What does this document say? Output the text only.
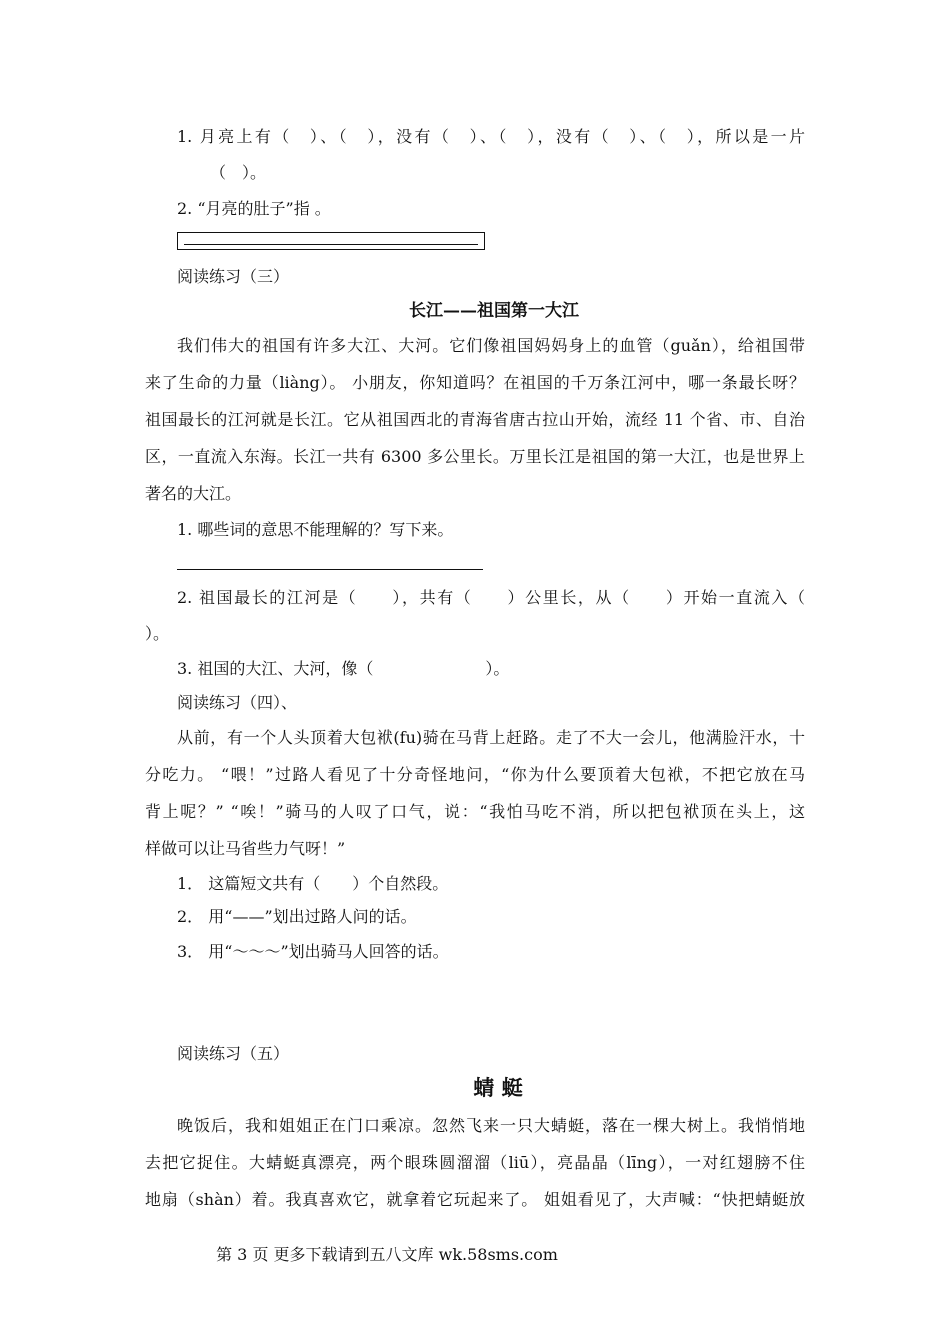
1. 月亮上有（　）、（　），没有（　）、（　），没有（　）、（　），所以是一片
（　）。
2. “月亮的肚子”指 。
阅读练习（三）
长江——祖国第一大江
我们伟大的祖国有许多大江、大河。它们像祖国妈妈身上的血管（guǎn），给祖国带
来了生命的力量（liàng）。 小朋友，你知道吗？在祖国的千万条江河中，哪一条最长呀？
祖国最长的江河就是长江。它从祖国西北的青海省唐古拉山开始，流经 11 个省、市、自治
区，一直流入东海。长江一共有 6300 多公里长。万里长江是祖国的第一大江，也是世界上
著名的大江。
1. 哪些词的意思不能理解的？写下来。
2. 祖国最长的江河是（　　），共有（　　）公里长，从（　　）开始一直流入（
）。
3. 祖国的大江、大河，像（　　　　　　　）。
阅读练习（四）、
从前，有一个人头顶着大包袱(fu)骑在马背上赶路。走了不大一会儿，他满脸汗水，十
分吃力。 “喂！”过路人看见了十分奇怪地问，“你为什么要顶着大包袱，不把它放在马
背上呢？” “唉！”骑马的人叹了口气，说：“我怕马吃不消，所以把包袱顶在头上，这
样做可以让马省些力气呀！”
1． 这篇短文共有（　　）个自然段。
2． 用“——”划出过路人问的话。
3． 用“～～～”划出骑马人回答的话。
阅读练习（五）
蜻 蜓
晚饭后，我和姐姐正在门口乘凉。忽然飞来一只大蜻蜓，落在一棵大树上。我悄悄地
去把它捉住。大蜻蜓真漂亮，两个眼珠圆溜溜（liū），亮晶晶（līng），一对红翅膀不住
地扇（shàn）着。我真喜欢它，就拿着它玩起来了。 姐姐看见了，大声喊：“快把蜻蜓放
第 3 页 更多下载请到五八文库 wk.58sms.com
